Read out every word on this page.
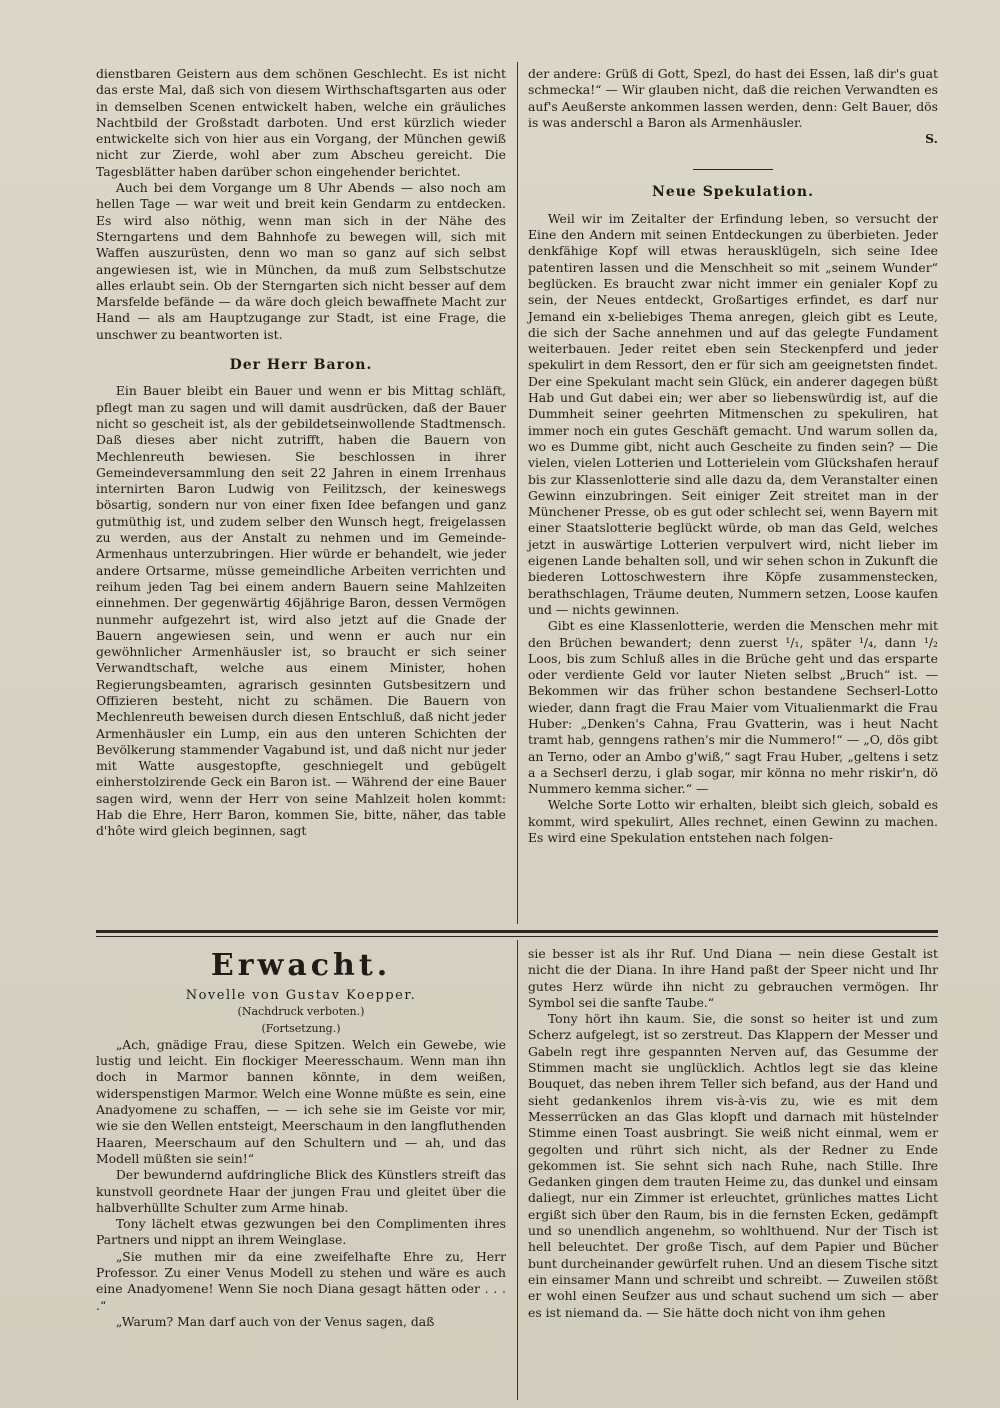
dienstbaren Geistern aus dem schönen Geschlecht. Es ist nicht das erste Mal, daß sich von diesem Wirthschaftsgarten aus oder in demselben Scenen entwickelt haben, welche ein gräuliches Nachtbild der Großstadt darboten. Und erst kürzlich wieder entwickelte sich von hier aus ein Vorgang, der München gewiß nicht zur Zierde, wohl aber zum Abscheu gereicht. Die Tagesblätter haben darüber schon eingehender berichtet.

Auch bei dem Vorgange um 8 Uhr Abends — also noch am hellen Tage — war weit und breit kein Gendarm zu entdecken. Es wird also nöthig, wenn man sich in der Nähe des Sterngartens und dem Bahnhofe zu bewegen will, sich mit Waffen auszurüsten, denn wo man so ganz auf sich selbst angewiesen ist, wie in München, da muß zum Selbstschutze alles erlaubt sein. Ob der Sterngarten sich nicht besser auf dem Marsfelde befände — da wäre doch gleich bewaffnete Macht zur Hand — als am Hauptzugange zur Stadt, ist eine Frage, die unschwer zu beantworten ist.

Der Herr Baron.

Ein Bauer bleibt ein Bauer und wenn er bis Mittag schläft, pflegt man zu sagen und will damit ausdrücken, daß der Bauer nicht so gescheit ist, als der gebildetseinwollende Stadtmensch. Daß dieses aber nicht zutrifft, haben die Bauern von Mechlenreuth bewiesen. Sie beschlossen in ihrer Gemeindeversammlung den seit 22 Jahren in einem Irrenhaus internirten Baron Ludwig von Feilitzsch, der keineswegs bösartig, sondern nur von einer fixen Idee befangen und ganz gutmüthig ist, und zudem selber den Wunsch hegt, freigelassen zu werden, aus der Anstalt zu nehmen und im Gemeinde-Armenhaus unterzubringen. Hier würde er behandelt, wie jeder andere Ortsarme, müsse gemeindliche Arbeiten verrichten und reihum jeden Tag bei einem andern Bauern seine Mahlzeiten einnehmen. Der gegenwärtig 46jährige Baron, dessen Vermögen nunmehr aufgezehrt ist, wird also jetzt auf die Gnade der Bauern angewiesen sein, und wenn er auch nur ein gewöhnlicher Armenhäusler ist, so braucht er sich seiner Verwandtschaft, welche aus einem Minister, hohen Regierungsbeamten, agrarisch gesinnten Gutsbesitzern und Offizieren besteht, nicht zu schämen. Die Bauern von Mechlenreuth beweisen durch diesen Entschluß, daß nicht jeder Armenhäusler ein Lump, ein aus den unteren Schichten der Bevölkerung stammender Vagabund ist, und daß nicht nur jeder mit Watte ausgestopfte, geschniegelt und gebügelt einherstolzirende Geck ein Baron ist. — Während der eine Bauer sagen wird, wenn der Herr von seine Mahlzeit holen kommt: Hab die Ehre, Herr Baron, kommen Sie, bitte, näher, das table d'hôte wird gleich beginnen, sagt

der andere: Grüß di Gott, Spezl, do hast dei Essen, laß dir's guat schmecka!“ — Wir glauben nicht, daß die reichen Verwandten es auf's Aeußerste ankommen lassen werden, denn: Gelt Bauer, dös is was anderschl a Baron als Armenhäusler.

S.
Neue Spekulation.

Weil wir im Zeitalter der Erfindung leben, so versucht der Eine den Andern mit seinen Entdeckungen zu überbieten. Jeder denkfähige Kopf will etwas herausklügeln, sich seine Idee patentiren lassen und die Menschheit so mit „seinem Wunder“ beglücken. Es braucht zwar nicht immer ein genialer Kopf zu sein, der Neues entdeckt, Großartiges erfindet, es darf nur Jemand ein x-beliebiges Thema anregen, gleich gibt es Leute, die sich der Sache annehmen und auf das gelegte Fundament weiterbauen. Jeder reitet eben sein Steckenpferd und jeder spekulirt in dem Ressort, den er für sich am geeignetsten findet. Der eine Spekulant macht sein Glück, ein anderer dagegen büßt Hab und Gut dabei ein; wer aber so liebenswürdig ist, auf die Dummheit seiner geehrten Mitmenschen zu spekuliren, hat immer noch ein gutes Geschäft gemacht. Und warum sollen da, wo es Dumme gibt, nicht auch Gescheite zu finden sein? — Die vielen, vielen Lotterien und Lotterielein vom Glückshafen herauf bis zur Klassenlotterie sind alle dazu da, dem Veranstalter einen Gewinn einzubringen. Seit einiger Zeit streitet man in der Münchener Presse, ob es gut oder schlecht sei, wenn Bayern mit einer Staatslotterie beglückt würde, ob man das Geld, welches jetzt in auswärtige Lotterien verpulvert wird, nicht lieber im eigenen Lande behalten soll, und wir sehen schon in Zukunft die biederen Lottoschwestern ihre Köpfe zusammenstecken, berathschlagen, Träume deuten, Nummern setzen, Loose kaufen und — nichts gewinnen.

Gibt es eine Klassenlotterie, werden die Menschen mehr mit den Brüchen bewandert; denn zuerst ¹/₁, später ¹/₄, dann ¹/₂ Loos, bis zum Schluß alles in die Brüche geht und das ersparte oder verdiente Geld vor lauter Nieten selbst „Bruch“ ist. — Bekommen wir das früher schon bestandene Sechserl-Lotto wieder, dann fragt die Frau Maier vom Vitualienmarkt die Frau Huber: „Denken's Cahna, Frau Gvatterin, was i heut Nacht tramt hab, genngens rathen's mir die Nummero!“ — „O, dös gibt an Terno, oder an Ambo g'wiß,“ sagt Frau Huber, „geltens i setz a a Sechserl derzu, i glab sogar, mir könna no mehr riskir'n, dö Nummero kemma sicher.“ —

Welche Sorte Lotto wir erhalten, bleibt sich gleich, sobald es kommt, wird spekulirt, Alles rechnet, einen Gewinn zu machen. Es wird eine Spekulation entstehen nach folgen-

Erwacht.

Novelle von Gustav Koepper.

(Nachdruck verboten.)

(Fortsetzung.)

„Ach, gnädige Frau, diese Spitzen. Welch ein Gewebe, wie lustig und leicht. Ein flockiger Meeresschaum. Wenn man ihn doch in Marmor bannen könnte, in dem weißen, widerspenstigen Marmor. Welch eine Wonne müßte es sein, eine Anadyomene zu schaffen, — — ich sehe sie im Geiste vor mir, wie sie den Wellen entsteigt, Meerschaum in den langfluthenden Haaren, Meerschaum auf den Schultern und — ah, und das Modell müßten sie sein!“

Der bewundernd aufdringliche Blick des Künstlers streift das kunstvoll geordnete Haar der jungen Frau und gleitet über die halbverhüllte Schulter zum Arme hinab.

Tony lächelt etwas gezwungen bei den Complimenten ihres Partners und nippt an ihrem Weinglase.

„Sie muthen mir da eine zweifelhafte Ehre zu, Herr Professor. Zu einer Venus Modell zu stehen und wäre es auch eine Anadyomene! Wenn Sie noch Diana gesagt hätten oder . . . .“

„Warum? Man darf auch von der Venus sagen, daß

sie besser ist als ihr Ruf. Und Diana — nein diese Gestalt ist nicht die der Diana. In ihre Hand paßt der Speer nicht und Ihr gutes Herz würde ihn nicht zu gebrauchen vermögen. Ihr Symbol sei die sanfte Taube.“

Tony hört ihn kaum. Sie, die sonst so heiter ist und zum Scherz aufgelegt, ist so zerstreut. Das Klappern der Messer und Gabeln regt ihre gespannten Nerven auf, das Gesumme der Stimmen macht sie unglücklich. Achtlos legt sie das kleine Bouquet, das neben ihrem Teller sich befand, aus der Hand und sieht gedankenlos ihrem vis-à-vis zu, wie es mit dem Messerrücken an das Glas klopft und darnach mit hüstelnder Stimme einen Toast ausbringt. Sie weiß nicht einmal, wem er gegolten und rührt sich nicht, als der Redner zu Ende gekommen ist. Sie sehnt sich nach Ruhe, nach Stille. Ihre Gedanken gingen dem trauten Heime zu, das dunkel und einsam daliegt, nur ein Zimmer ist erleuchtet, grünliches mattes Licht ergißt sich über den Raum, bis in die fernsten Ecken, gedämpft und so unendlich angenehm, so wohlthuend. Nur der Tisch ist hell beleuchtet. Der große Tisch, auf dem Papier und Bücher bunt durcheinander gewürfelt ruhen. Und an diesem Tische sitzt ein einsamer Mann und schreibt und schreibt. — Zuweilen stößt er wohl einen Seufzer aus und schaut suchend um sich — aber es ist niemand da. — Sie hätte doch nicht von ihm gehen
